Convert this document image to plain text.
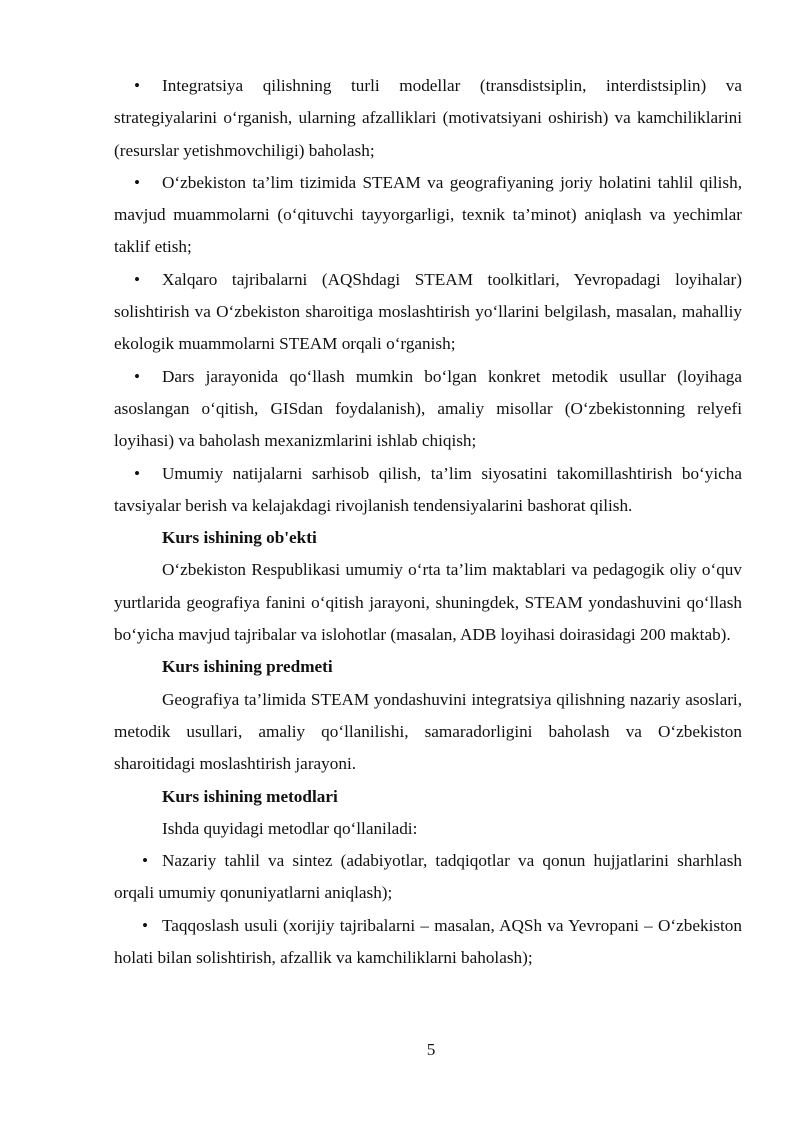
• Integratsiya qilishning turli modellar (transdistsiplin, interdistsiplin) va strategiyalarini o‘rganish, ularning afzalliklari (motivatsiyani oshirish) va kamchiliklarini (resurslar yetishmovchiligi) baholash;

• O‘zbekiston ta’lim tizimida STEAM va geografiyaning joriy holatini tahlil qilish, mavjud muammolarni (o‘qituvchi tayyorgarligi, texnik ta’minot) aniqlash va yechimlar taklif etish;

• Xalqaro tajribalarni (AQShdagi STEAM toolkitlari, Yevropadagi loyihalar) solishtirish va O‘zbekiston sharoitiga moslashtirish yo‘llarini belgilash, masalan, mahalliy ekologik muammolarni STEAM orqali o‘rganish;

• Dars jarayonida qo‘llash mumkin bo‘lgan konkret metodik usullar (loyihaga asoslangan o‘qitish, GISdan foydalanish), amaliy misollar (O‘zbekistonning relyefi loyihasi) va baholash mexanizmlarini ishlab chiqish;

• Umumiy natijalarni sarhisob qilish, ta’lim siyosatini takomillashtirish bo‘yicha tavsiyalar berish va kelajakdagi rivojlanish tendensiyalarini bashorat qilish.

Kurs ishining ob'ekti

O‘zbekiston Respublikasi umumiy o‘rta ta’lim maktablari va pedagogik oliy o‘quv yurtlarida geografiya fanini o‘qitish jarayoni, shuningdek, STEAM yondashuvini qo‘llash bo‘yicha mavjud tajribalar va islohotlar (masalan, ADB loyihasi doirasidagi 200 maktab).

Kurs ishining predmeti

Geografiya ta’limida STEAM yondashuvini integratsiya qilishning nazariy asoslari, metodik usullari, amaliy qo‘llanilishi, samaradorligini baholash va O‘zbekiston sharoitidagi moslashtirish jarayoni.

Kurs ishining metodlari

Ishda quyidagi metodlar qo‘llaniladi:

• Nazariy tahlil va sintez (adabiyotlar, tadqiqotlar va qonun hujjatlarini sharhlash orqali umumiy qonuniyatlarni aniqlash);

• Taqqoslash usuli (xorijiy tajribalarni – masalan, AQSh va Yevropani – O‘zbekiston holati bilan solishtirish, afzallik va kamchiliklarni baholash);

5
